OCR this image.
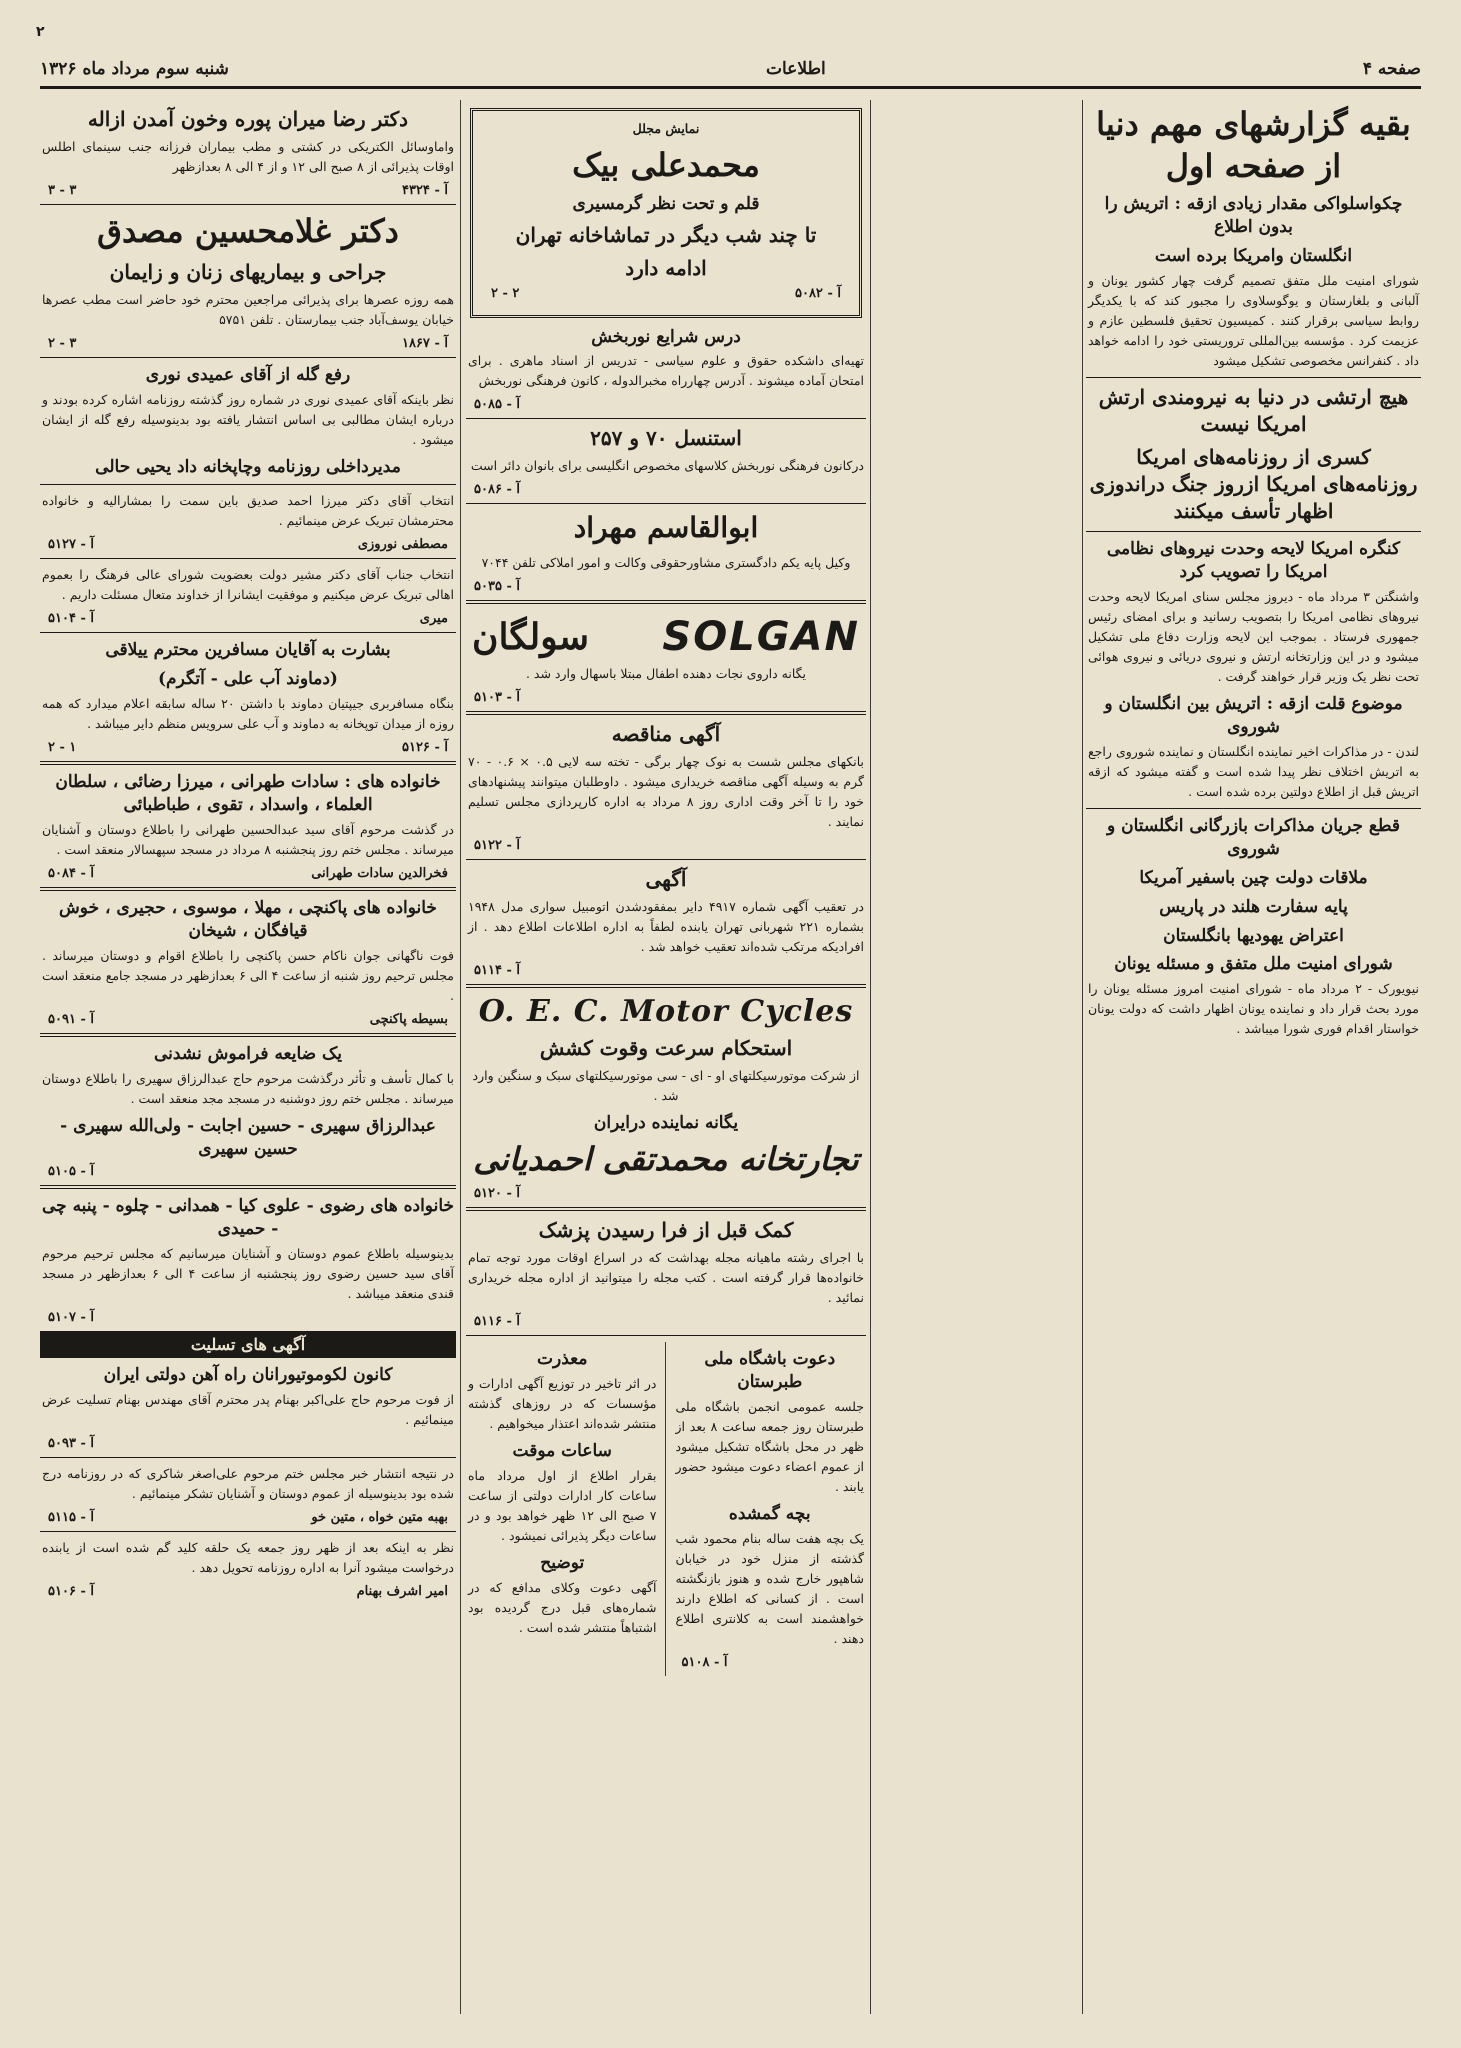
۲
صفحه ۴
اطلاعات
شنبه سوم مرداد ماه ۱۳۲۶
بقیه گزارشهای مهم دنیا از صفحه اول
چکواسلواکی مقدار زیادی ازقه : اتریش را بدون اطلاع
انگلستان وامریکا برده است
شورای امنیت ملل متفق تصمیم گرفت چهار کشور یونان و آلبانی و بلغارستان و یوگوسلاوی را مجبور کند که با یکدیگر روابط سیاسی برقرار کنند . کمیسیون تحقیق فلسطین عازم و عزیمت کرد . مؤسسه بین‌المللی تروریستی خود را ادامه خواهد داد . کنفرانس مخصوصی تشکیل میشود
هیچ ارتشی در دنیا به نیرومندی ارتش امریکا نیست
کسری از روزنامه‌های امریکا روزنامه‌های امریکا ازروز جنگ دراندوزی اظهار تأسف میکنند
کنگره امریکا لایحه وحدت نیروهای نظامی امریکا را تصویب کرد
واشنگتن ۳ مرداد ماه - دیروز مجلس سنای امریکا لایحه وحدت نیروهای نظامی امریکا را بتصویب رسانید و برای امضای رئیس جمهوری فرستاد . بموجب این لایحه وزارت دفاع ملی تشکیل میشود و در این وزارتخانه ارتش و نیروی دریائی و نیروی هوائی تحت نظر یک وزیر قرار خواهند گرفت .
موضوع قلت ازقه : اتریش بین انگلستان و شوروی
لندن - در مذاکرات اخیر نماینده انگلستان و نماینده شوروی راجع به اتریش اختلاف نظر پیدا شده است و گفته میشود که ازقه اتریش قبل از اطلاع دولتین برده شده است .
قطع جریان مذاکرات بازرگانی انگلستان و شوروی
ملاقات دولت چین باسفیر آمریکا
پایه سفارت هلند در پاریس
اعتراض یهودیها بانگلستان
شورای امنیت ملل متفق و مسئله یونان
نیویورک - ۲ مرداد ماه - شورای امنیت امروز مسئله یونان را مورد بحث قرار داد و نماینده یونان اظهار داشت که دولت یونان خواستار اقدام فوری شورا میباشد .
نمایش مجلل
محمدعلی بیک
قلم و تحت نظر گرمسیری
تا چند شب دیگر در تماشاخانه تهران
ادامه دارد
۲ - ۲	۵۰۸۲ - آ
درس شرایع نوربخش
تهیه‌ای داشکده حقوق و علوم سیاسی - تدریس از اسناد ماهری . برای امتحان آماده میشوند . آدرس چهارراه مخبرالدوله ، کانون فرهنگی نوربخش
۵۰۸۵ - آ
استنسل ۷۰ و ۲۵۷
درکانون فرهنگی نوربخش کلاسهای مخصوص انگلیسی برای بانوان دائر است
۵۰۸۶ - آ
ابوالقاسم مهراد
وکیل پایه یکم دادگستری مشاورحقوقی وکالت و امور املاکی تلفن ۷۰۴۴
۵۰۳۵ - آ
SOLGAN
سولگان
یگانه داروی نجات دهنده اطفال مبتلا باسهال وارد شد .
۵۱۰۳ - آ
آگهی مناقصه
بانکهای مجلس شست به نوک چهار برگی - تخته سه لایی ۰.۵ × ۰.۶ - ۷۰ گرم به وسیله آگهی مناقصه خریداری میشود . داوطلبان میتوانند پیشنهادهای خود را تا آخر وقت اداری روز ۸ مرداد به اداره کارپردازی مجلس تسلیم نمایند .
۵۱۲۲ - آ
آگهی
در تعقیب آگهی شماره ۴۹۱۷ دایر بمفقودشدن اتومبیل سواری مدل ۱۹۴۸ بشماره ۲۲۱ شهربانی تهران یابنده لطفاً به اداره اطلاعات اطلاع دهد . از افرادیکه مرتکب شده‌اند تعقیب خواهد شد .
۵۱۱۴ - آ
O. E. C. Motor Cycles
استحکام سرعت وقوت کشش
از شرکت موتورسیکلتهای او - ای - سی موتورسیکلتهای سبک و سنگین وارد شد .
یگانه نماینده درایران
تجارتخانه محمدتقی احمدیانی
۵۱۲۰ - آ
کمک قبل از فرا رسیدن پزشک
با اجرای رشته ماهیانه مجله بهداشت که در اسراع اوقات مورد توجه تمام خانواده‌ها قرار گرفته است . کتب مجله را میتوانید از اداره مجله خریداری نمائید .
۵۱۱۶ - آ
دعوت باشگاه ملی طبرستان
جلسه عمومی انجمن باشگاه ملی طبرستان روز جمعه ساعت ۸ بعد از ظهر در محل باشگاه تشکیل میشود از عموم اعضاء دعوت میشود حضور یابند .
بچه گمشده
یک بچه هفت ساله بنام محمود شب گذشته از منزل خود در خیابان شاهپور خارج شده و هنوز بازنگشته است . از کسانی که اطلاع دارند خواهشمند است به کلانتری اطلاع دهند .
۵۱۰۸ - آ
معذرت
در اثر تاخیر در توزیع آگهی ادارات و مؤسسات که در روزهای گذشته منتشر شده‌اند اعتذار میخواهیم .
ساعات موقت
بقرار اطلاع از اول مرداد ماه ساعات کار ادارات دولتی از ساعت ۷ صبح الی ۱۲ ظهر خواهد بود و در ساعات دیگر پذیرائی نمیشود .
توضیح
آگهی دعوت وکلای مدافع که در شماره‌های قبل درج گردیده بود اشتباهاً منتشر شده است .
دکتر رضا میران پوره وخون آمدن ازاله
واماوسائل الکتریکی در کشتی و مطب بیماران فرزانه جنب سینمای اطلس اوقات پذیرائی از ۸ صبح الی ۱۲ و از ۴ الی ۸ بعدازظهر
۳ - ۳	۴۳۲۴ - آ
دکتر غلامحسین مصدق
جراحی و بیماریهای زنان و زایمان
همه روزه عصرها برای پذیرائی مراجعین محترم خود حاضر است مطب عصرها خیابان یوسف‌آباد جنب بیمارستان . تلفن ۵۷۵۱
۲ - ۳	۱۸۶۷ - آ
رفع گله از آقای عمیدی نوری
نظر باینکه آقای عمیدی نوری در شماره روز گذشته روزنامه اشاره کرده بودند و درباره ایشان مطالبی بی اساس انتشار یافته بود بدینوسیله رفع گله از ایشان میشود .
مدیرداخلی روزنامه وچاپخانه داد یحیی حالی
انتخاب آقای دکتر میرزا احمد صدیق باین سمت را بمشارالیه و خانواده محترمشان تبریک عرض مینمائیم .
۵۱۲۷ - آ	مصطفی نوروزی
انتخاب جناب آقای دکتر مشیر دولت بعضویت شورای عالی فرهنگ را بعموم اهالی تبریک عرض میکنیم و موفقیت ایشانرا از خداوند متعال مسئلت داریم .
۵۱۰۴ - آ	میری
بشارت به آقایان مسافرین محترم ییلاقی
(دماوند آب علی - آتگرم)
بنگاه مسافربری جیپتیان دماوند با داشتن ۲۰ ساله سابقه اعلام میدارد که همه روزه از میدان توپخانه به دماوند و آب علی سرویس منظم دایر میباشد .
۲ - ۱	۵۱۲۶ - آ
خانواده های : سادات طهرانی ، میرزا رضائی ، سلطان العلماء ، واسداد ، تقوی ، طباطبائی
در گذشت مرحوم آقای سید عبدالحسین طهرانی را باطلاع دوستان و آشنایان میرساند . مجلس ختم روز پنجشنبه ۸ مرداد در مسجد سپهسالار منعقد است .
۵۰۸۴ - آ	فخرالدین سادات طهرانی
خانواده های پاکنچی ، مهلا ، موسوی ، حجیری ، خوش قیافگان ، شیخان
فوت ناگهانی جوان ناکام حسن پاکنچی را باطلاع اقوام و دوستان میرساند . مجلس ترحیم روز شنبه از ساعت ۴ الی ۶ بعدازظهر در مسجد جامع منعقد است .
۵۰۹۱ - آ	بسیطه پاکنچی
یک ضایعه فراموش نشدنی
با کمال تأسف و تأثر درگذشت مرحوم حاج عبدالرزاق سهیری را باطلاع دوستان میرساند . مجلس ختم روز دوشنبه در مسجد مجد منعقد است .
عبدالرزاق سهیری - حسین اجابت - ولی‌الله سهیری - حسین سهیری
۵۱۰۵ - آ
خانواده های رضوی - علوی کیا - همدانی - چلوه - پنبه چی - حمیدی
بدینوسیله باطلاع عموم دوستان و آشنایان میرسانیم که مجلس ترحیم مرحوم آقای سید حسین رضوی روز پنجشنبه از ساعت ۴ الی ۶ بعدازظهر در مسجد قندی منعقد میباشد .
۵۱۰۷ - آ
آگهی های تسلیت
کانون لکوموتیورانان راه آهن دولتی ایران
از فوت مرحوم حاج علی‌اکبر بهنام پدر محترم آقای مهندس بهنام تسلیت عرض مینمائیم .
۵۰۹۳ - آ
در نتیجه انتشار خبر مجلس ختم مرحوم علی‌اصغر شاکری که در روزنامه درج شده بود بدینوسیله از عموم دوستان و آشنایان تشکر مینمائیم .
۵۱۱۵ - آ	بهبه متین خواه ، متین خو
نظر به اینکه بعد از ظهر روز جمعه یک حلقه کلید گم شده است از یابنده درخواست میشود آنرا به اداره روزنامه تحویل دهد .
۵۱۰۶ - آ	امیر اشرف بهنام
